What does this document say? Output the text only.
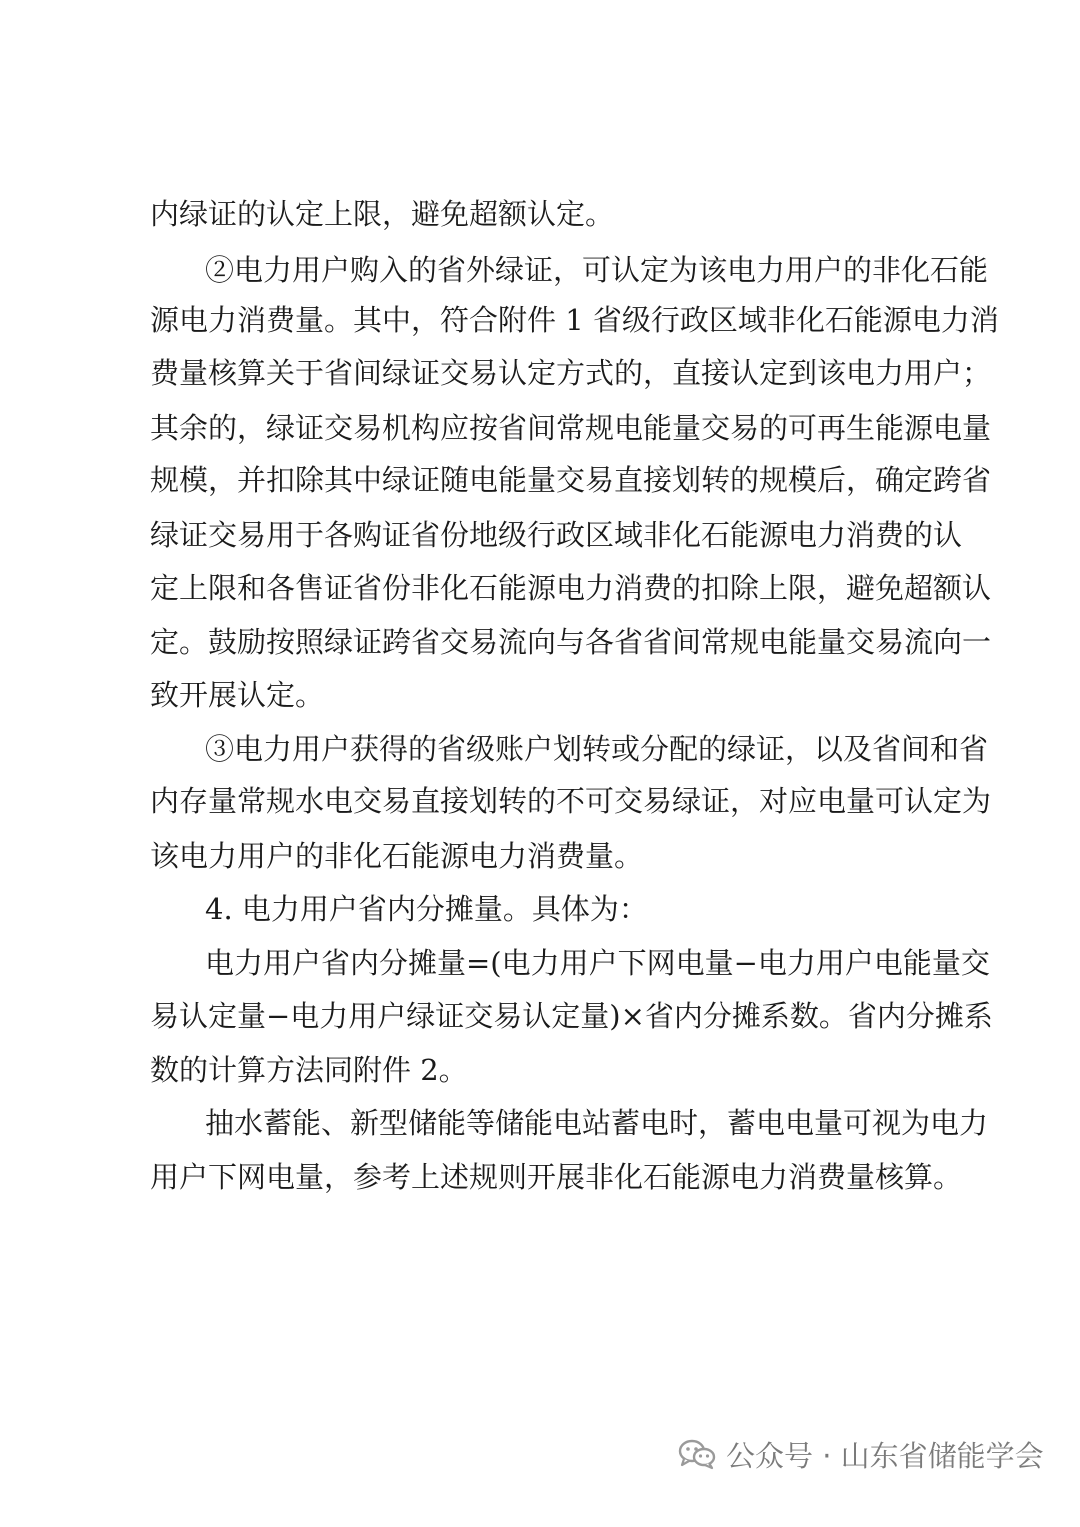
内绿证的认定上限，避免超额认定。
②电力用户购入的省外绿证，可认定为该电力用户的非化石能
源电力消费量。其中，符合附件 1 省级行政区域非化石能源电力消
费量核算关于省间绿证交易认定方式的，直接认定到该电力用户；
其余的，绿证交易机构应按省间常规电能量交易的可再生能源电量
规模，并扣除其中绿证随电能量交易直接划转的规模后，确定跨省
绿证交易用于各购证省份地级行政区域非化石能源电力消费的认
定上限和各售证省份非化石能源电力消费的扣除上限，避免超额认
定。鼓励按照绿证跨省交易流向与各省省间常规电能量交易流向一
致开展认定。
③电力用户获得的省级账户划转或分配的绿证，以及省间和省
内存量常规水电交易直接划转的不可交易绿证，对应电量可认定为
该电力用户的非化石能源电力消费量。
4. 电力用户省内分摊量。具体为：
电力用户省内分摊量=(电力用户下网电量−电力用户电能量交
易认定量−电力用户绿证交易认定量)×省内分摊系数。省内分摊系
数的计算方法同附件 2。
抽水蓄能、新型储能等储能电站蓄电时，蓄电电量可视为电力
用户下网电量，参考上述规则开展非化石能源电力消费量核算。
公众号 · 山东省储能学会
